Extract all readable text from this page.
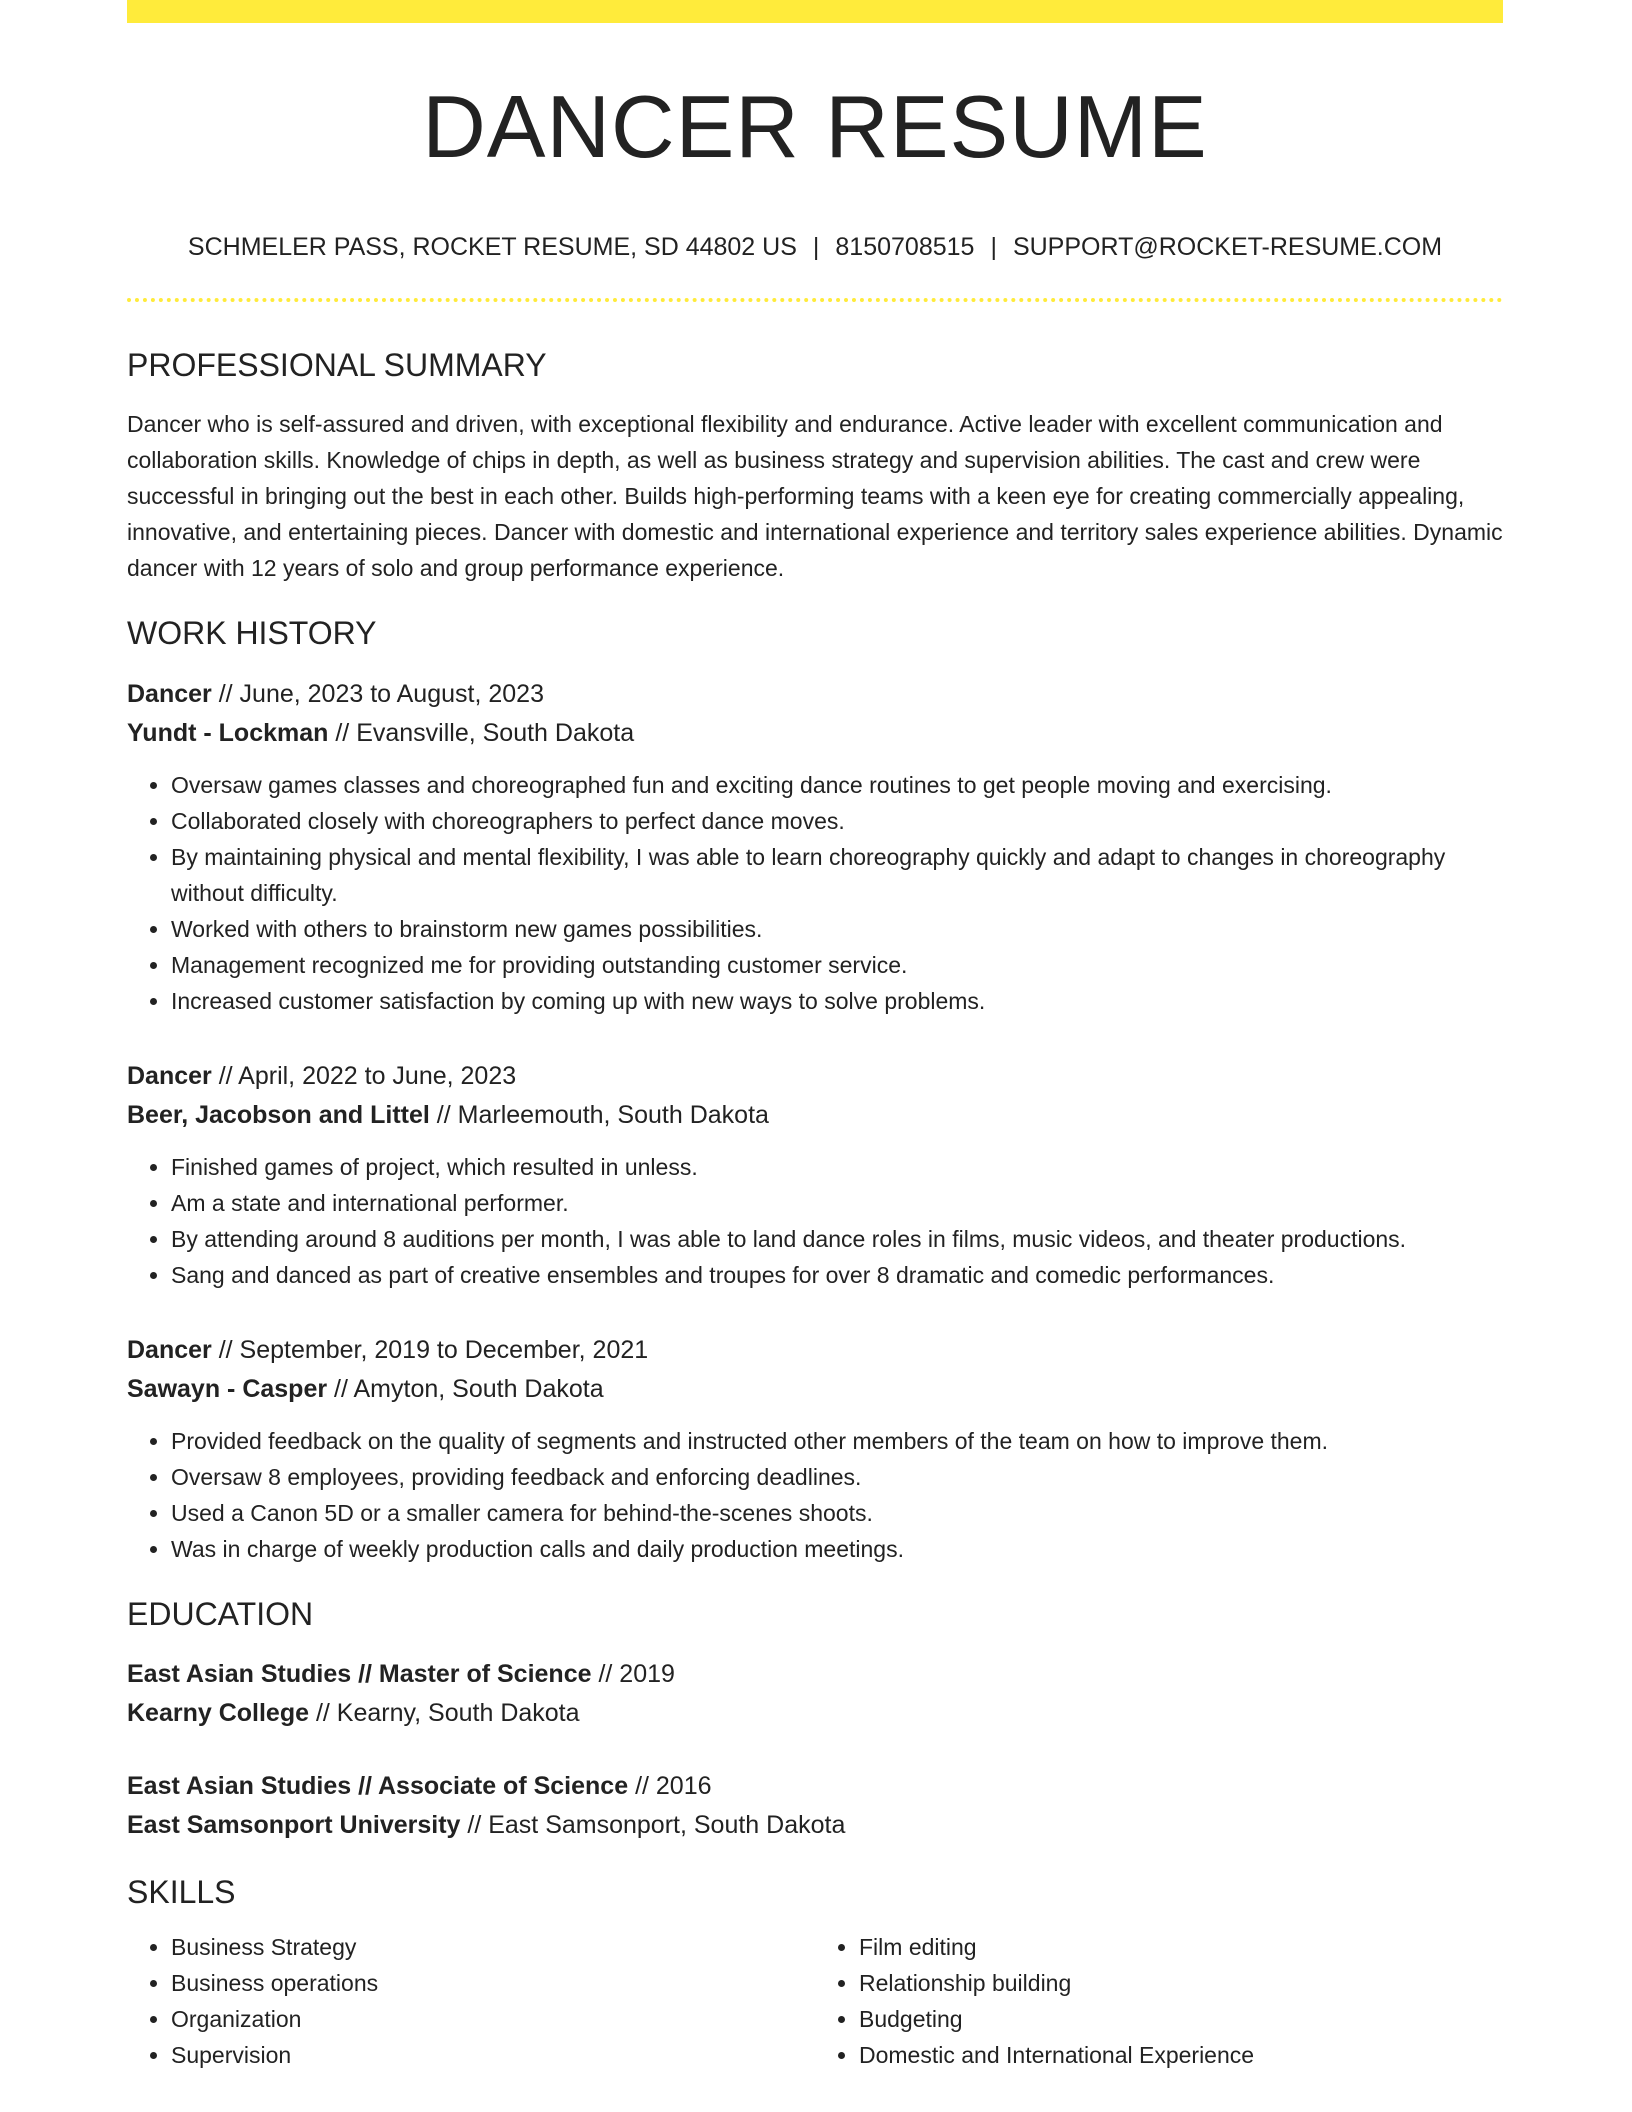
DANCER RESUME
SCHMELER PASS, ROCKET RESUME, SD 44802 US | 8150708515 | SUPPORT@ROCKET-RESUME.COM
PROFESSIONAL SUMMARY
Dancer who is self-assured and driven, with exceptional flexibility and endurance. Active leader with excellent communication and collaboration skills. Knowledge of chips in depth, as well as business strategy and supervision abilities. The cast and crew were successful in bringing out the best in each other. Builds high-performing teams with a keen eye for creating commercially appealing, innovative, and entertaining pieces. Dancer with domestic and international experience and territory sales experience abilities. Dynamic dancer with 12 years of solo and group performance experience.
WORK HISTORY
Dancer // June, 2023 to August, 2023
Yundt - Lockman // Evansville, South Dakota
• Oversaw games classes and choreographed fun and exciting dance routines to get people moving and exercising.
• Collaborated closely with choreographers to perfect dance moves.
• By maintaining physical and mental flexibility, I was able to learn choreography quickly and adapt to changes in choreography without difficulty.
• Worked with others to brainstorm new games possibilities.
• Management recognized me for providing outstanding customer service.
• Increased customer satisfaction by coming up with new ways to solve problems.
Dancer // April, 2022 to June, 2023
Beer, Jacobson and Littel // Marleemouth, South Dakota
• Finished games of project, which resulted in unless.
• Am a state and international performer.
• By attending around 8 auditions per month, I was able to land dance roles in films, music videos, and theater productions.
• Sang and danced as part of creative ensembles and troupes for over 8 dramatic and comedic performances.
Dancer // September, 2019 to December, 2021
Sawayn - Casper // Amyton, South Dakota
• Provided feedback on the quality of segments and instructed other members of the team on how to improve them.
• Oversaw 8 employees, providing feedback and enforcing deadlines.
• Used a Canon 5D or a smaller camera for behind-the-scenes shoots.
• Was in charge of weekly production calls and daily production meetings.
EDUCATION
East Asian Studies // Master of Science // 2019
Kearny College // Kearny, South Dakota
East Asian Studies // Associate of Science // 2016
East Samsonport University // East Samsonport, South Dakota
SKILLS
• Business Strategy
• Business operations
• Organization
• Supervision
• Film editing
• Relationship building
• Budgeting
• Domestic and International Experience
